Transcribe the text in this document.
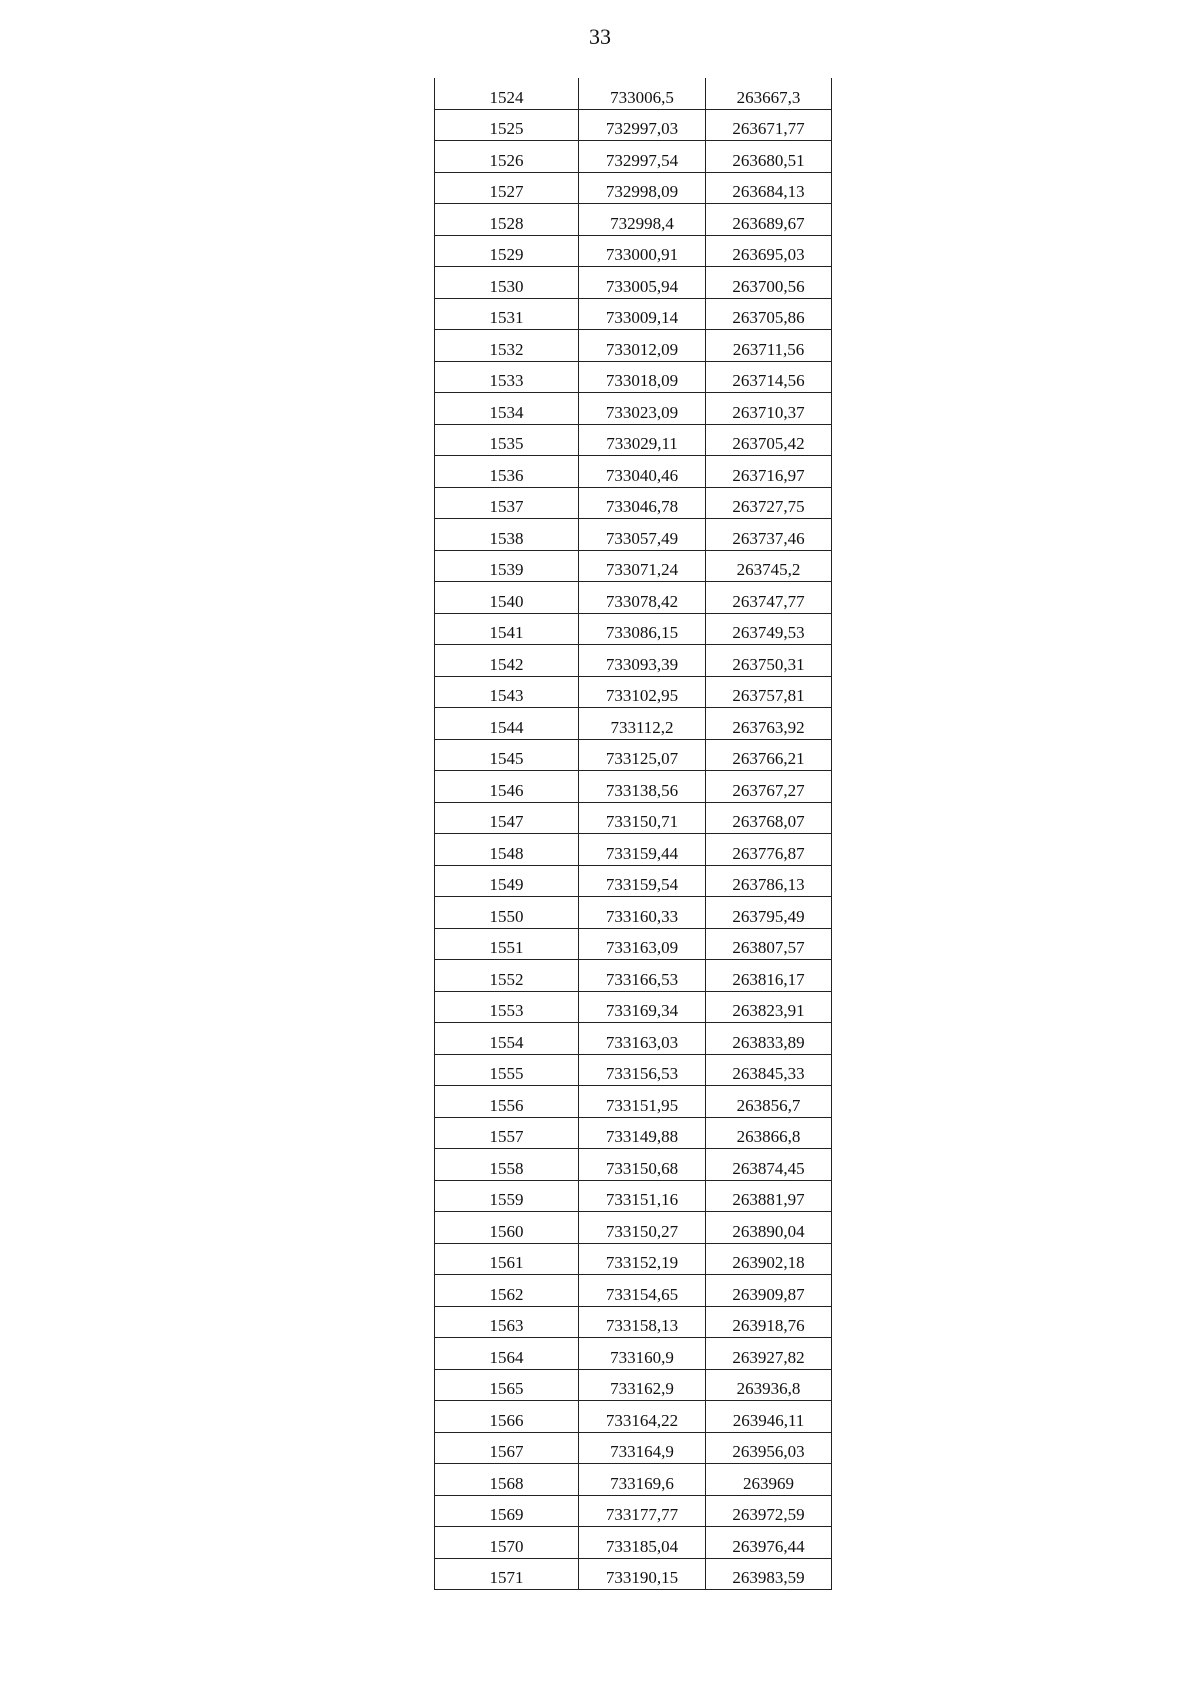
33
1524	733006,5	263667,3
1525	732997,03	263671,77
1526	732997,54	263680,51
1527	732998,09	263684,13
1528	732998,4	263689,67
1529	733000,91	263695,03
1530	733005,94	263700,56
1531	733009,14	263705,86
1532	733012,09	263711,56
1533	733018,09	263714,56
1534	733023,09	263710,37
1535	733029,11	263705,42
1536	733040,46	263716,97
1537	733046,78	263727,75
1538	733057,49	263737,46
1539	733071,24	263745,2
1540	733078,42	263747,77
1541	733086,15	263749,53
1542	733093,39	263750,31
1543	733102,95	263757,81
1544	733112,2	263763,92
1545	733125,07	263766,21
1546	733138,56	263767,27
1547	733150,71	263768,07
1548	733159,44	263776,87
1549	733159,54	263786,13
1550	733160,33	263795,49
1551	733163,09	263807,57
1552	733166,53	263816,17
1553	733169,34	263823,91
1554	733163,03	263833,89
1555	733156,53	263845,33
1556	733151,95	263856,7
1557	733149,88	263866,8
1558	733150,68	263874,45
1559	733151,16	263881,97
1560	733150,27	263890,04
1561	733152,19	263902,18
1562	733154,65	263909,87
1563	733158,13	263918,76
1564	733160,9	263927,82
1565	733162,9	263936,8
1566	733164,22	263946,11
1567	733164,9	263956,03
1568	733169,6	263969
1569	733177,77	263972,59
1570	733185,04	263976,44
1571	733190,15	263983,59
